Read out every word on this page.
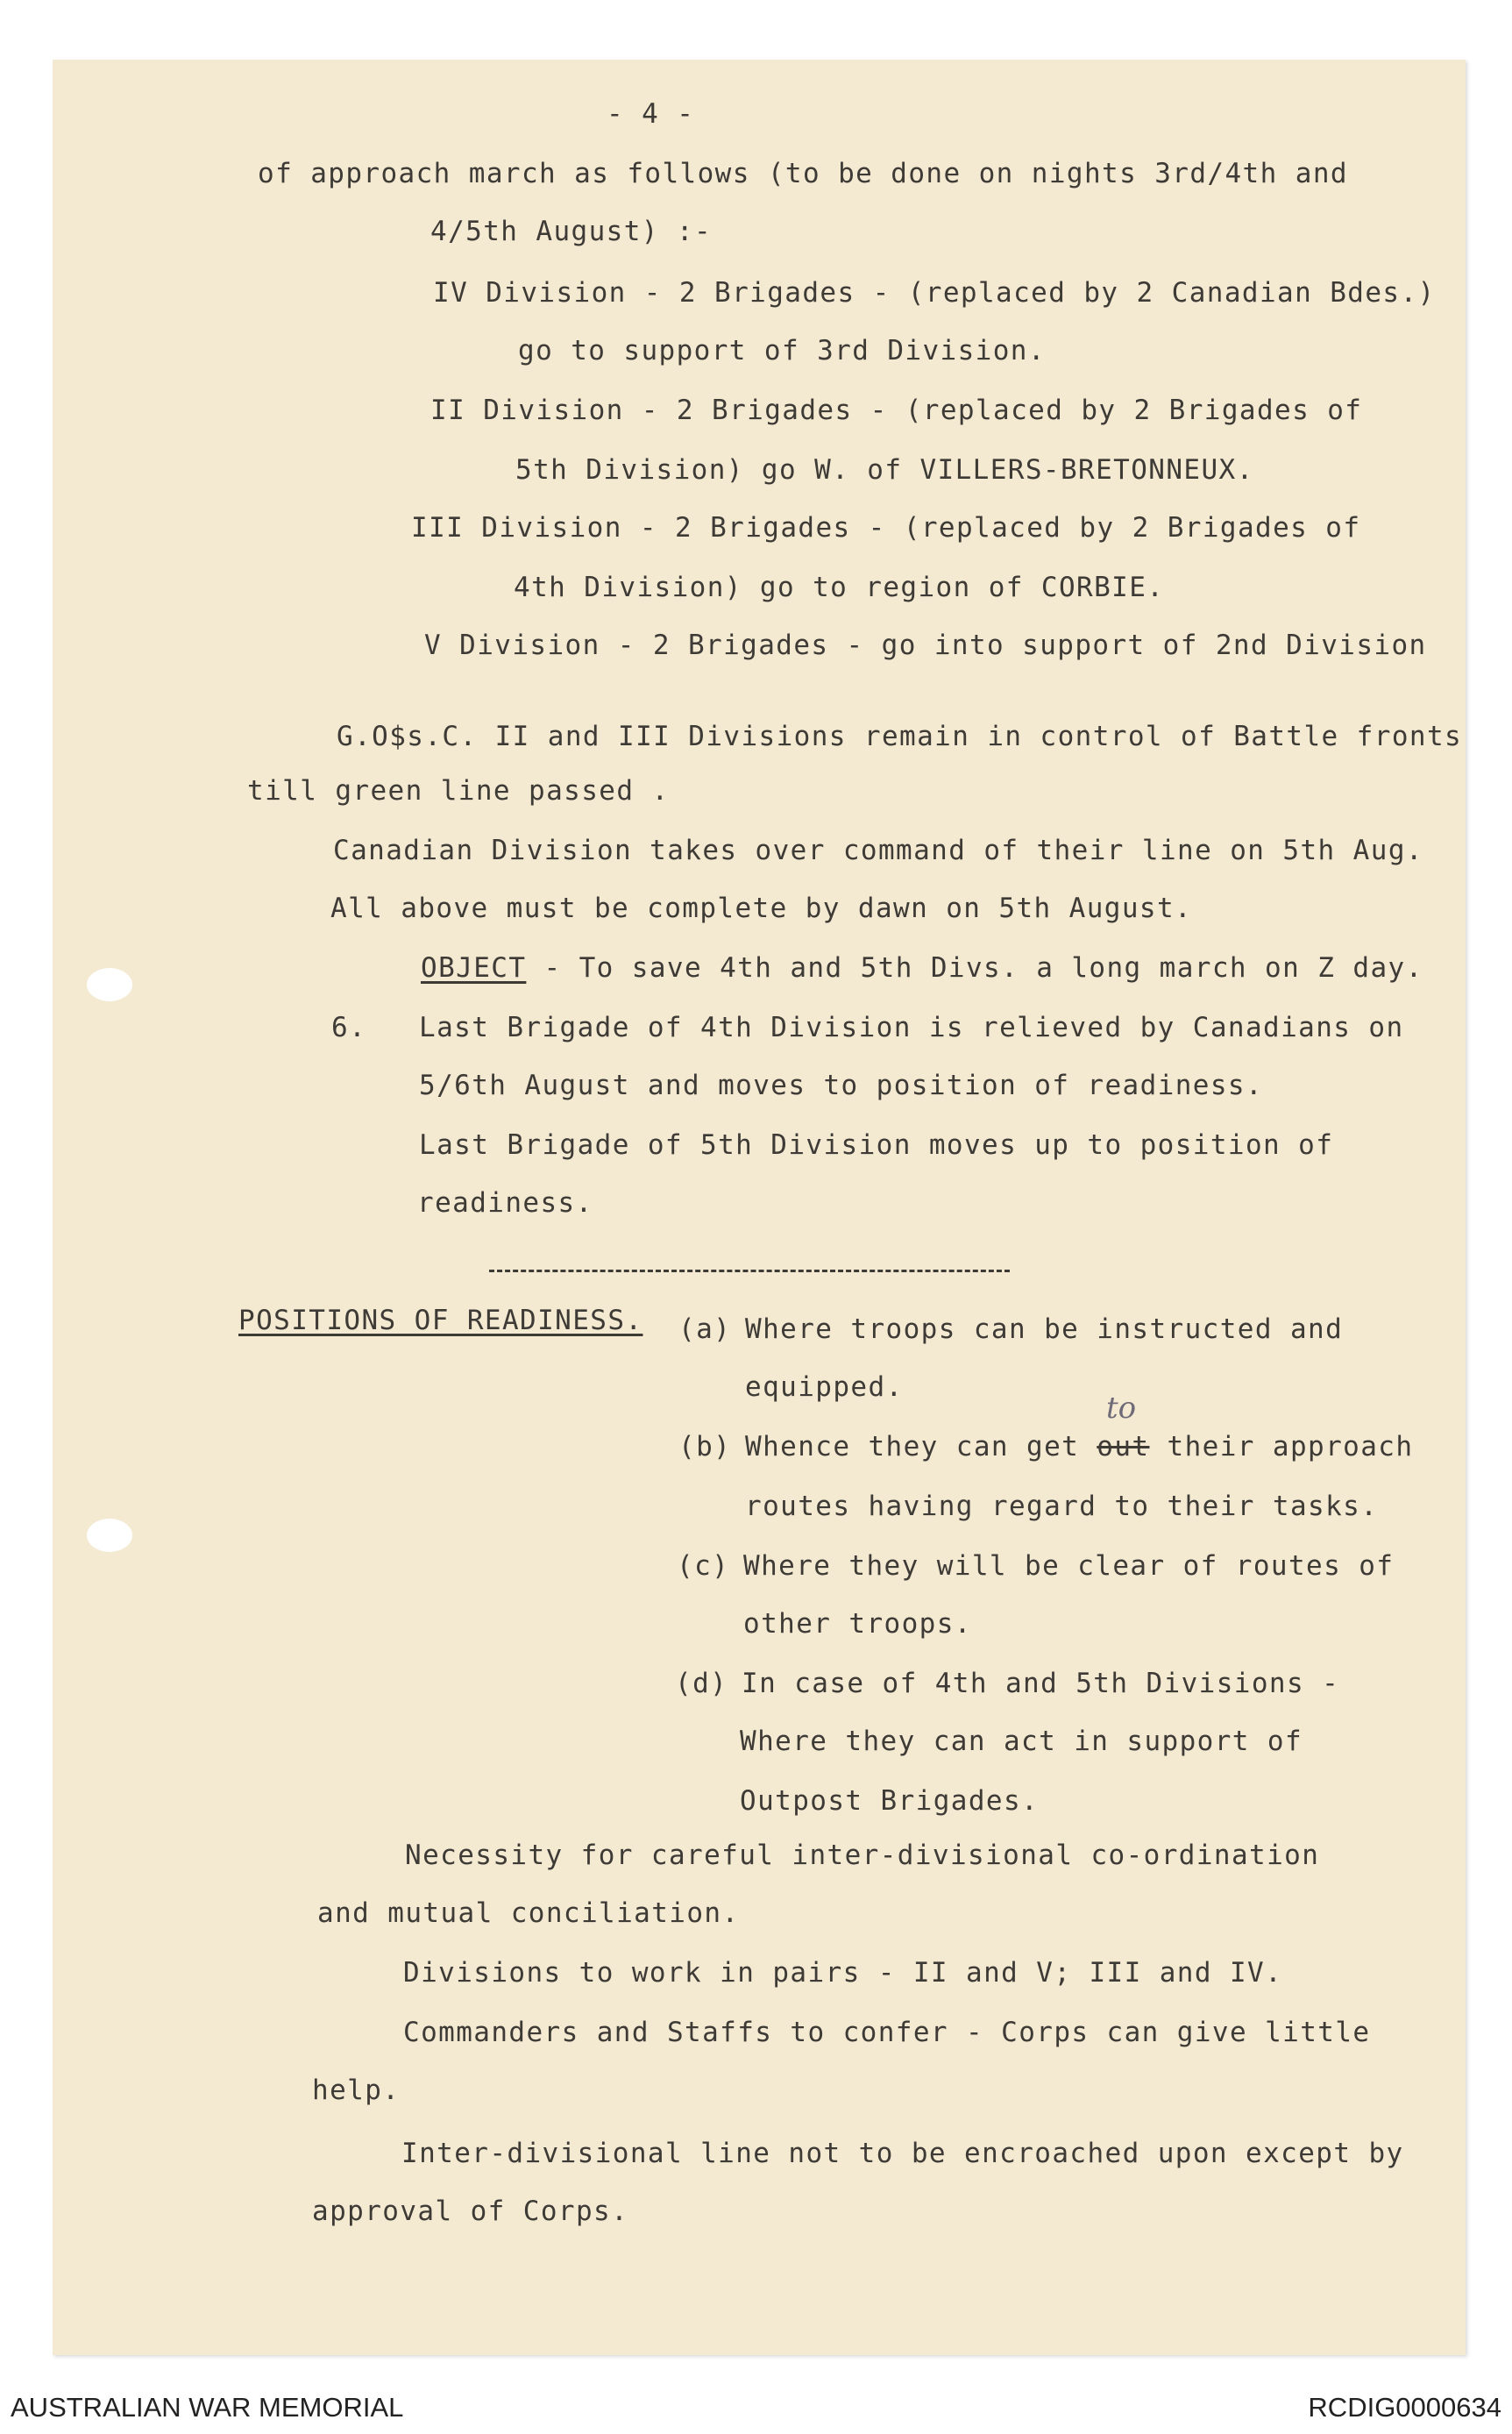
- 4 -
of approach march as follows (to be done on nights 3rd/4th and
4/5th August) :-
IV Division - 2 Brigades - (replaced by 2 Canadian Bdes.)
go to support of 3rd Division.
II Division - 2 Brigades - (replaced by 2 Brigades of
5th Division) go W. of VILLERS-BRETONNEUX.
III Division - 2 Brigades - (replaced by 2 Brigades of
4th Division) go to region of CORBIE.
V Division - 2 Brigades - go into support of 2nd Division
G.O$s.C. II and III Divisions remain in control of Battle fronts
till green line passed .
Canadian Division takes over command of their line on 5th Aug.
All above must be complete by dawn on 5th August.
OBJECT - To save 4th and 5th Divs. a long march on Z day.
6. Last Brigade of 4th Division is relieved by Canadians on
5/6th August and moves to position of readiness.
Last Brigade of 5th Division moves up to position of
readiness.
POSITIONS OF READINESS. (a) Where troops can be instructed and
equipped.
(b) Whence they can get out their approach
to
routes having regard to their tasks.
(c) Where they will be clear of routes of
other troops.
(d) In case of 4th and 5th Divisions -
Where they can act in support of
Outpost Brigades.
Necessity for careful inter-divisional co-ordination
and mutual conciliation.
Divisions to work in pairs - II and V; III and IV.
Commanders and Staffs to confer - Corps can give little
help.
Inter-divisional line not to be encroached upon except by
approval of Corps.
AUSTRALIAN WAR MEMORIAL	RCDIG0000634
